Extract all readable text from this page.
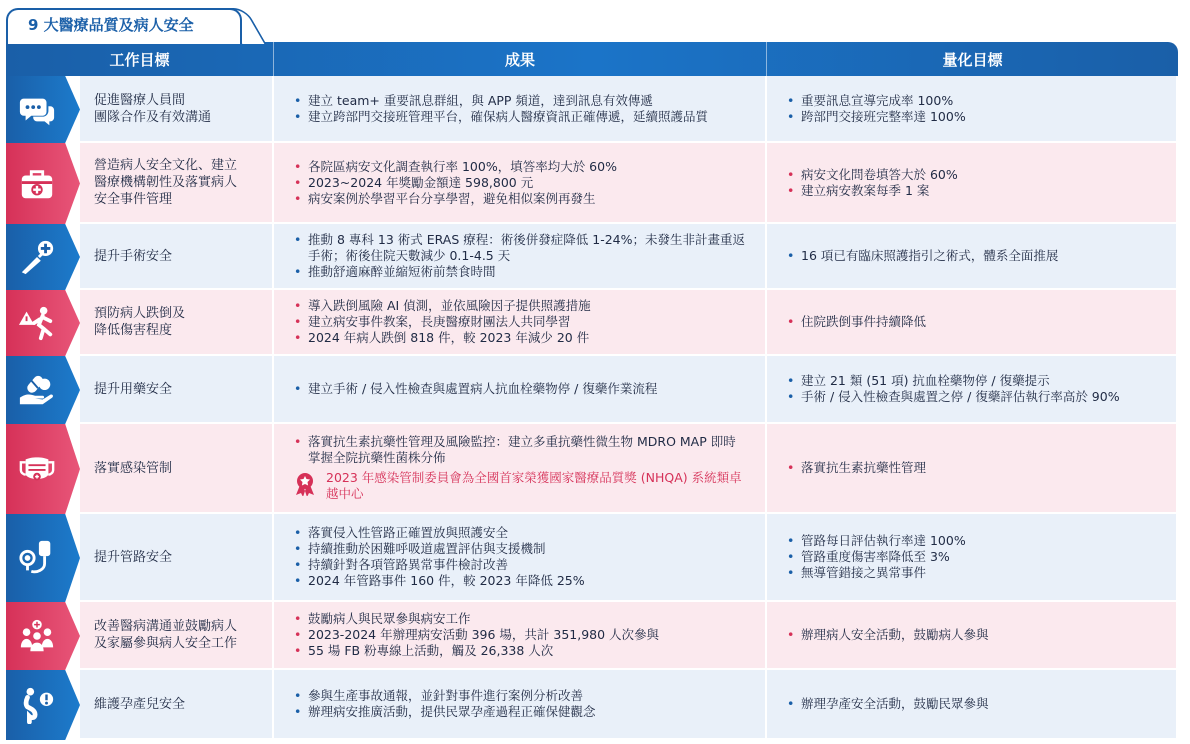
9 大醫療品質及病人安全
工作目標	成果	量化目標
促進醫療人員間
團隊合作及有效溝通
• 建立 team+ 重要訊息群組，與 APP 頻道，達到訊息有效傳遞
• 建立跨部門交接班管理平台，確保病人醫療資訊正確傳遞，延續照護品質
• 重要訊息宣導完成率 100%
• 跨部門交接班完整率達 100%
營造病人安全文化、建立
醫療機構韌性及落實病人
安全事件管理
• 各院區病安文化調查執行率 100%，填答率均大於 60%
• 2023~2024 年獎勵金額達 598,800 元
• 病安案例於學習平台分享學習，避免相似案例再發生
• 病安文化問卷填答大於 60%
• 建立病安教案每季 1 案
提升手術安全
• 推動 8 專科 13 術式 ERAS 療程：術後併發症降低 1-24%；未發生非計畫重返手術；術後住院天數減少 0.1-4.5 天
• 推動舒適麻醉並縮短術前禁食時間
• 16 項已有臨床照護指引之術式，體系全面推展
預防病人跌倒及
降低傷害程度
• 導入跌倒風險 AI 偵測，並依風險因子提供照護措施
• 建立病安事件教案，長庚醫療財團法人共同學習
• 2024 年病人跌倒 818 件，較 2023 年減少 20 件
• 住院跌倒事件持續降低
提升用藥安全
•	建立手術 / 侵入性檢查與處置病人抗血栓藥物停 / 復藥作業流程
• 建立 21 類 (51 項) 抗血栓藥物停 / 復藥提示
• 手術 / 侵入性檢查與處置之停 / 復藥評估執行率高於 90%
落實感染管制
• 落實抗生素抗藥性管理及風險監控：建立多重抗藥性微生物 MDRO MAP 即時掌握全院抗藥性菌株分佈
2023 年感染管制委員會為全國首家榮獲國家醫療品質獎 (NHQA) 系統類卓越中心
• 落實抗生素抗藥性管理
提升管路安全
• 落實侵入性管路正確置放與照護安全
• 持續推動於困難呼吸道處置評估與支援機制
• 持續針對各項管路異常事件檢討改善
• 2024 年管路事件 160 件，較 2023 年降低 25%
• 管路每日評估執行率達 100%
• 管路重度傷害率降低至 3%
• 無導管錯接之異常事件
改善醫病溝通並鼓勵病人
及家屬參與病人安全工作
• 鼓勵病人與民眾參與病安工作
• 2023-2024 年辦理病安活動 396 場，共計 351,980 人次參與
• 55 場 FB 粉專線上活動，觸及 26,338 人次
• 辦理病人安全活動，鼓勵病人參與
維護孕產兒安全
• 參與生產事故通報，並針對事件進行案例分析改善
• 辦理病安推廣活動，提供民眾孕產過程正確保健觀念
• 辦理孕產安全活動，鼓勵民眾參與
